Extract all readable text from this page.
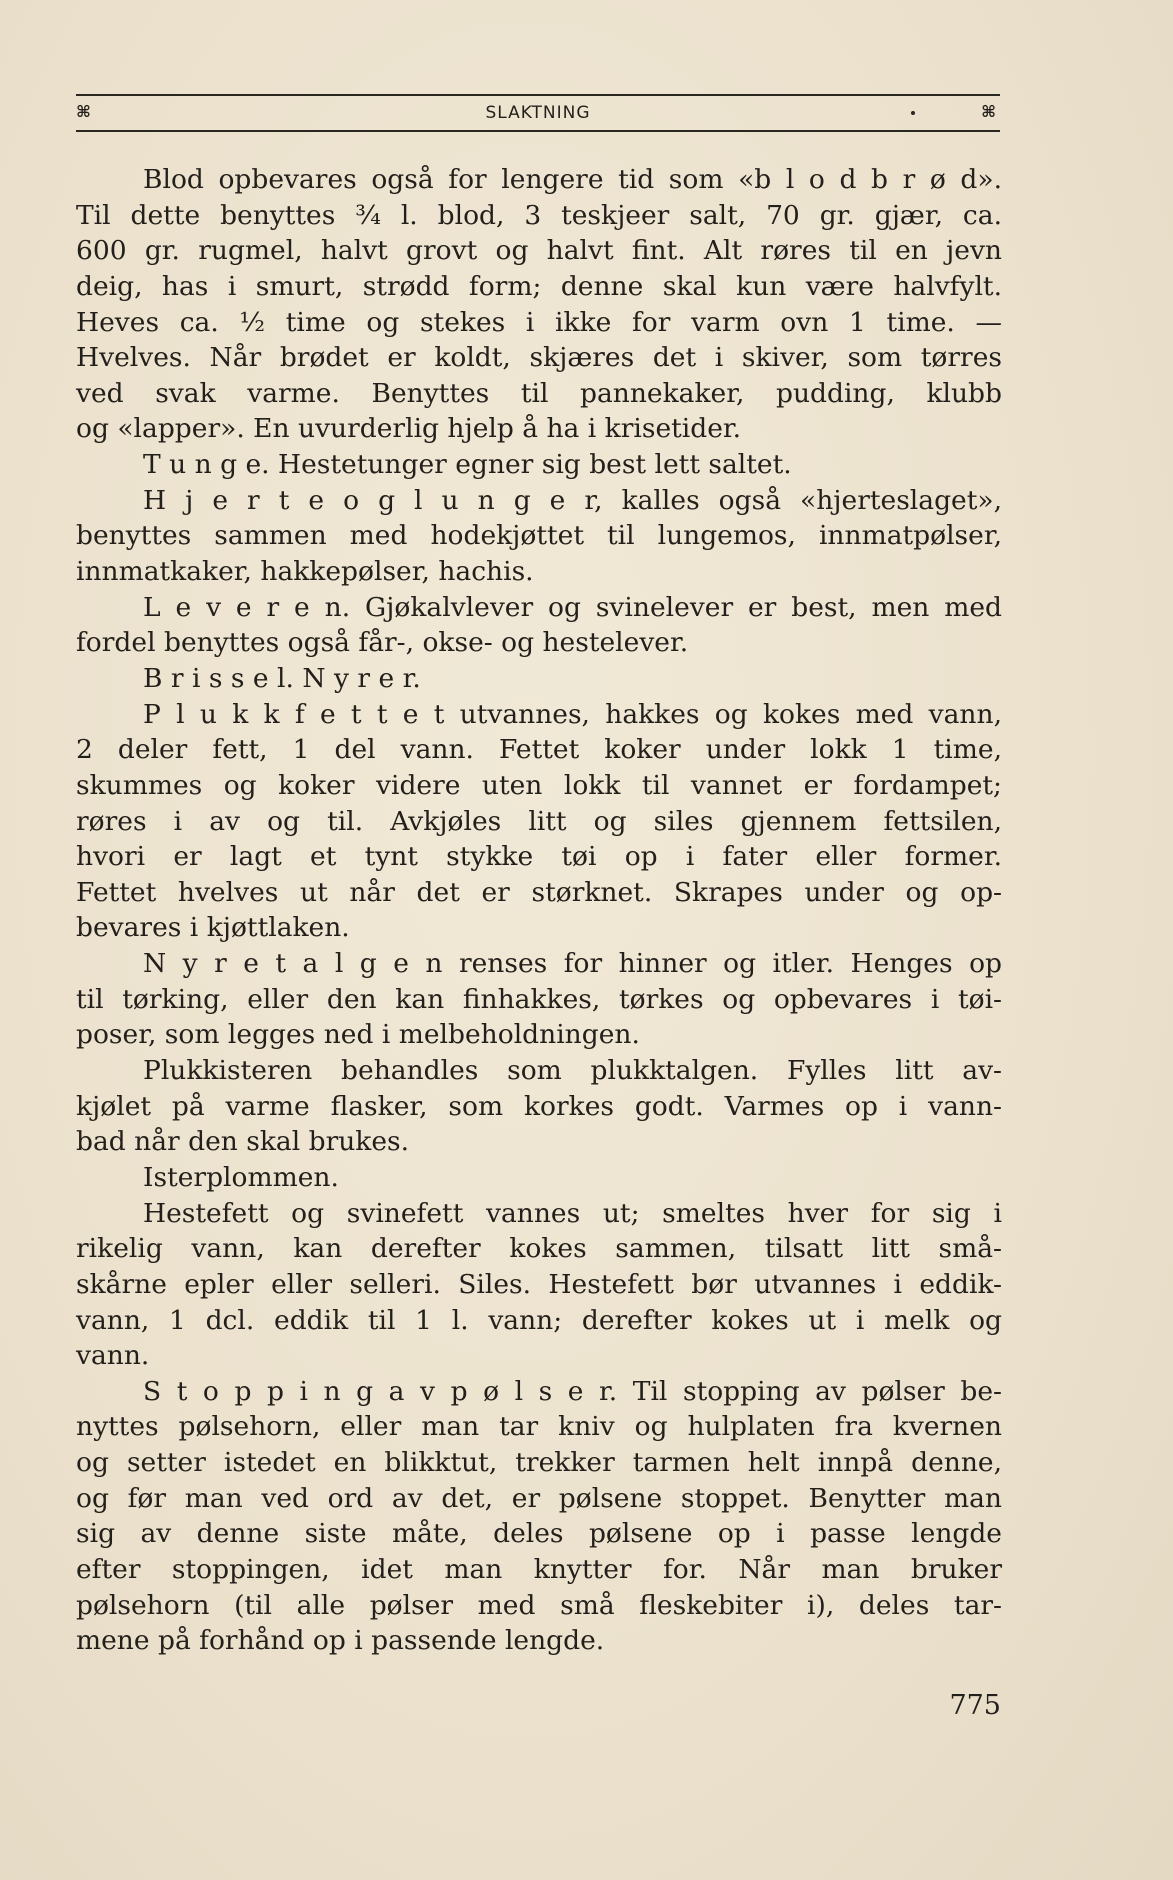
⌘	SLAKTNING	⌘
Blod opbevares også for lengere tid som «b l o d b r ø d».
Til dette benyttes ¾ l. blod, 3 teskjeer salt, 70 gr. gjær, ca.
600 gr. rugmel, halvt grovt og halvt fint. Alt røres til en jevn
deig, has i smurt, strødd form; denne skal kun være halvfylt.
Heves ca. ½ time og stekes i ikke for varm ovn 1 time. —
Hvelves. Når brødet er koldt, skjæres det i skiver, som tørres
ved svak varme. Benyttes til pannekaker, pudding, klubb
og «lapper». En uvurderlig hjelp å ha i krisetider.
T u n g e. Hestetunger egner sig best lett saltet.
H j e r t e o g l u n g e r, kalles også «hjerteslaget»,
benyttes sammen med hodekjøttet til lungemos, innmatpølser,
innmatkaker, hakkepølser, hachis.
L e v e r e n. Gjøkalvlever og svinelever er best, men med
fordel benyttes også får-, okse- og hestelever.
B r i s s e l. N y r e r.
P l u k k f e t t e t utvannes, hakkes og kokes med vann,
2 deler fett, 1 del vann. Fettet koker under lokk 1 time,
skummes og koker videre uten lokk til vannet er fordampet;
røres i av og til. Avkjøles litt og siles gjennem fettsilen,
hvori er lagt et tynt stykke tøi op i fater eller former.
Fettet hvelves ut når det er størknet. Skrapes under og op-
bevares i kjøttlaken.
N y r e t a l g e n renses for hinner og itler. Henges op
til tørking, eller den kan finhakkes, tørkes og opbevares i tøi-
poser, som legges ned i melbeholdningen.
Plukkisteren behandles som plukktalgen. Fylles litt av-
kjølet på varme flasker, som korkes godt. Varmes op i vann-
bad når den skal brukes.
Isterplommen.
Hestefett og svinefett vannes ut; smeltes hver for sig i
rikelig vann, kan derefter kokes sammen, tilsatt litt små-
skårne epler eller selleri. Siles. Hestefett bør utvannes i eddik-
vann, 1 dcl. eddik til 1 l. vann; derefter kokes ut i melk og
vann.
S t o p p i n g a v p ø l s e r. Til stopping av pølser be-
nyttes pølsehorn, eller man tar kniv og hulplaten fra kvernen
og setter istedet en blikktut, trekker tarmen helt innpå denne,
og før man ved ord av det, er pølsene stoppet. Benytter man
sig av denne siste måte, deles pølsene op i passe lengde
efter stoppingen, idet man knytter for. Når man bruker
pølsehorn (til alle pølser med små fleskebiter i), deles tar-
mene på forhånd op i passende lengde.
775
